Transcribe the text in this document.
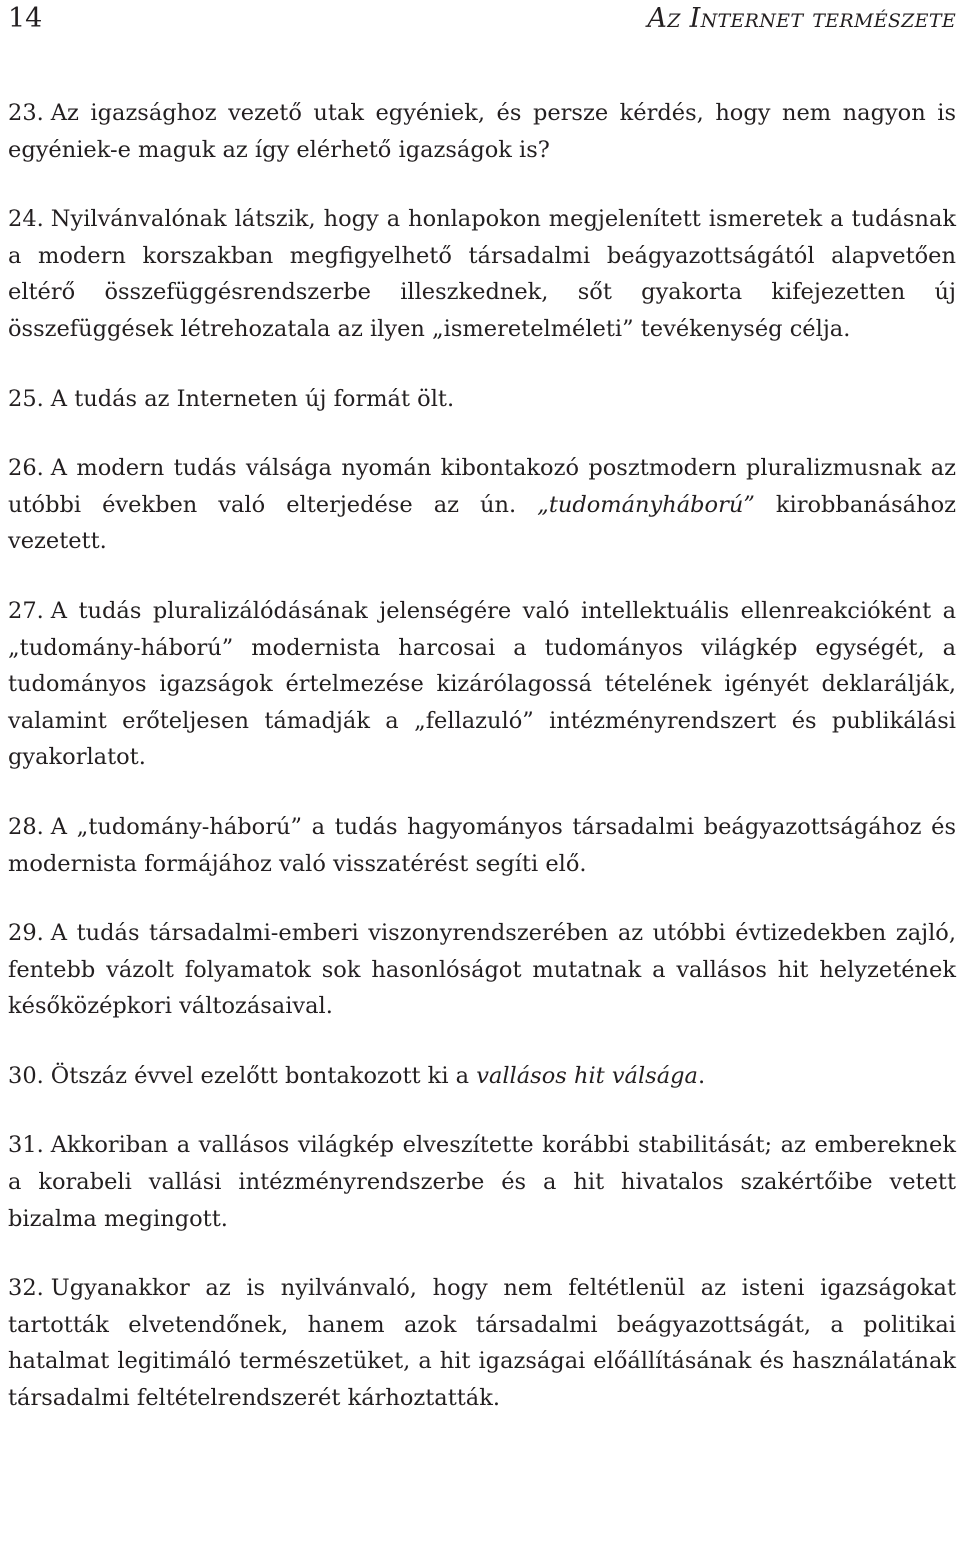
14	Az Internet természete

23. Az igazsághoz vezető utak egyéniek, és persze kérdés, hogy nem nagyon is egyéniek-e maguk az így elérhető igazságok is?

24. Nyilvánvalónak látszik, hogy a honlapokon megjelenített ismeretek a tudásnak a modern korszakban megfigyelhető társadalmi beágyazottságától alapvetően eltérő összefüggésrendszerbe illeszkednek, sőt gyakorta kifejezetten új összefüggések létrehozatala az ilyen „ismeretelméleti” tevékenység célja.

25. A tudás az Interneten új formát ölt.

26. A modern tudás válsága nyomán kibontakozó posztmodern pluralizmusnak az utóbbi években való elterjedése az ún. „tudományháború” kirobbanásához vezetett.

27. A tudás pluralizálódásának jelenségére való intellektuális ellenreakcióként a „tudomány-háború” modernista harcosai a tudományos világkép egységét, a tudományos igazságok értelmezése kizárólagossá tételének igényét deklarálják, valamint erőteljesen támadják a „fellazuló” intézményrendszert és publikálási gyakorlatot.

28. A „tudomány-háború” a tudás hagyományos társadalmi beágyazottságához és modernista formájához való visszatérést segíti elő.

29. A tudás társadalmi-emberi viszonyrendszerében az utóbbi évtizedekben zajló, fentebb vázolt folyamatok sok hasonlóságot mutatnak a vallásos hit helyzetének későközépkori változásaival.

30. Ötszáz évvel ezelőtt bontakozott ki a vallásos hit válsága.

31. Akkoriban a vallásos világkép elveszítette korábbi stabilitását; az embereknek a korabeli vallási intézményrendszerbe és a hit hivatalos szakértőibe vetett bizalma megingott.

32. Ugyanakkor az is nyilvánvaló, hogy nem feltétlenül az isteni igazságokat tartották elvetendőnek, hanem azok társadalmi beágyazottságát, a politikai hatalmat legitimáló természetüket, a hit igazságai előállításának és használatának társadalmi feltételrendszerét kárhoztatták.
